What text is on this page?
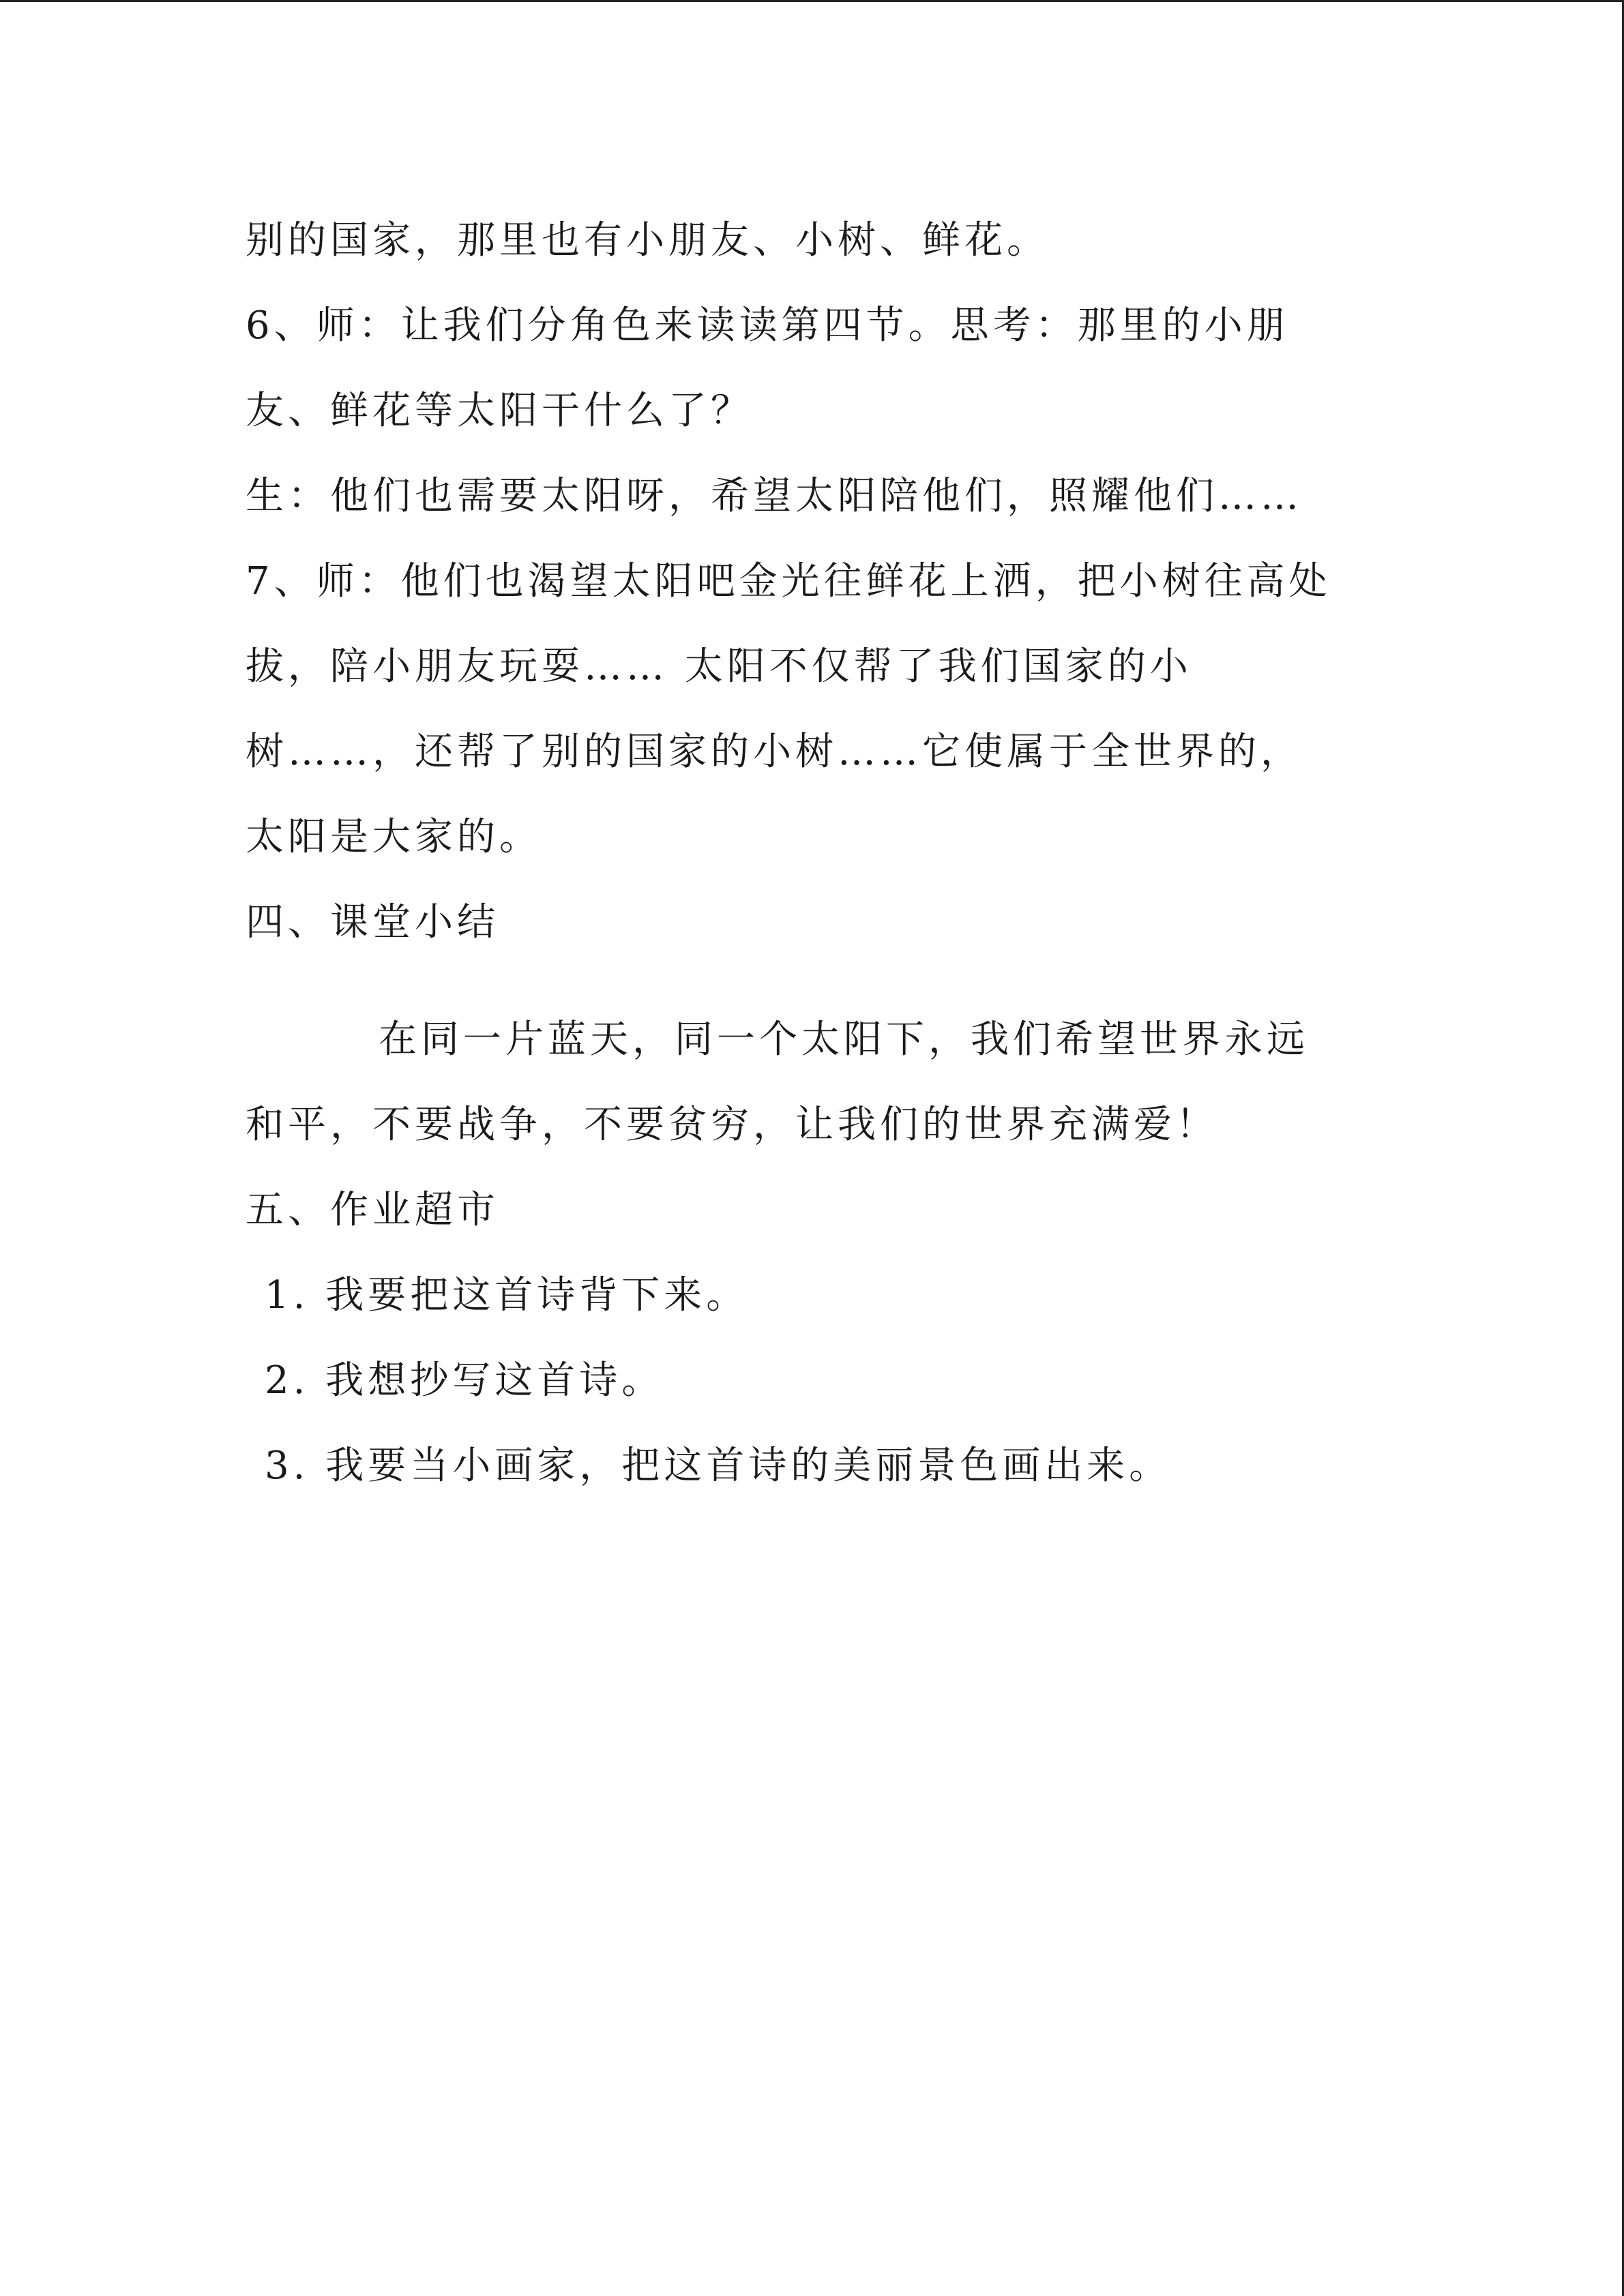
别的国家，那里也有小朋友、小树、鲜花。
6、师：让我们分角色来读读第四节。思考：那里的小朋
友、鲜花等太阳干什么了？
生：他们也需要太阳呀，希望太阳陪他们，照耀他们……
7、师：他们也渴望太阳吧金光往鲜花上洒，把小树往高处
拔，陪小朋友玩耍…… 太阳不仅帮了我们国家的小
树……，还帮了别的国家的小树……它使属于全世界的，
太阳是大家的。
四、课堂小结
在同一片蓝天，同一个太阳下，我们希望世界永远
和平，不要战争，不要贫穷，让我们的世界充满爱！
五、作业超市
1. 我要把这首诗背下来。
2. 我想抄写这首诗。
3. 我要当小画家，把这首诗的美丽景色画出来。
